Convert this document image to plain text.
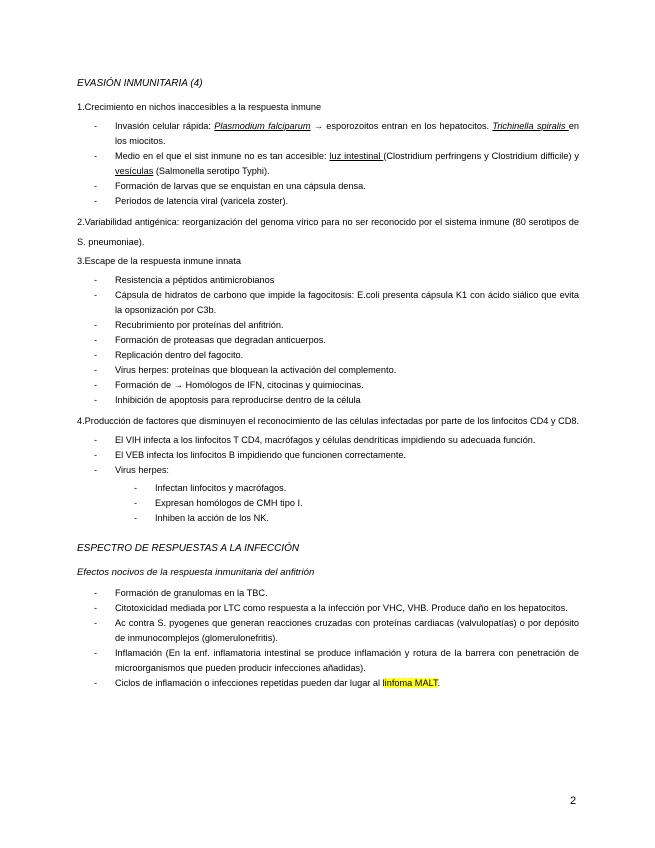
EVASIÓN INMUNITARIA (4)
1.Crecimiento en nichos inaccesibles a la respuesta inmune
- Invasión celular rápida: Plasmodium falciparum → esporozoitos entran en los hepatocitos. Trichinella spiralis en los miocitos.
- Medio en el que el sist inmune no es tan accesible: luz intestinal (Clostridium perfringens y Clostridium difficile) y vesículas (Salmonella serotipo Typhi).
- Formación de larvas que se enquistan en una cápsula densa.
- Periodos de latencia viral (varicela zoster).
2.Variabilidad antigénica: reorganización del genoma vírico para no ser reconocido por el sistema inmune (80 serotipos de S. pneumoniae).
3.Escape de la respuesta inmune innata
- Resistencia a péptidos antimicrobianos
- Cápsula de hidratos de carbono que impide la fagocitosis: E.coli presenta cápsula K1 con ácido siálico que evita la opsonización por C3b.
- Recubrimiento por proteínas del anfitrión.
- Formación de proteasas que degradan anticuerpos.
- Replicación dentro del fagocito.
- Virus herpes: proteínas que bloquean la activación del complemento.
- Formación de → Homólogos de IFN, citocinas y quimiocinas.
- Inhibición de apoptosis para reproducirse dentro de la célula
4.Producción de factores que disminuyen el reconocimiento de las células infectadas por parte de los linfocitos CD4 y CD8.
- El VIH infecta a los linfocitos T CD4, macrófagos y células dendríticas impidiendo su adecuada función.
- El VEB infecta los linfocitos B impidiendo que funcionen correctamente.
- Virus herpes:
- Infectan linfocitos y macrófagos.
- Expresan homólogos de CMH tipo I.
- Inhiben la acción de los NK.
ESPECTRO DE RESPUESTAS A LA INFECCIÓN
Efectos nocivos de la respuesta inmunitaria del anfitrión
- Formación de granulomas en la TBC.
- Citotoxicidad mediada por LTC como respuesta a la infección por VHC, VHB. Produce daño en los hepatocitos.
- Ac contra S. pyogenes que generan reacciones cruzadas con proteínas cardiacas (valvulopatías) o por depósito de inmunocomplejos (glomerulonefritis).
- Inflamación (En la enf. inflamatoria intestinal se produce inflamación y rotura de la barrera con penetración de microorganismos que pueden producir infecciones añadidas).
- Ciclos de inflamación o infecciones repetidas pueden dar lugar al linfoma MALT.
2
